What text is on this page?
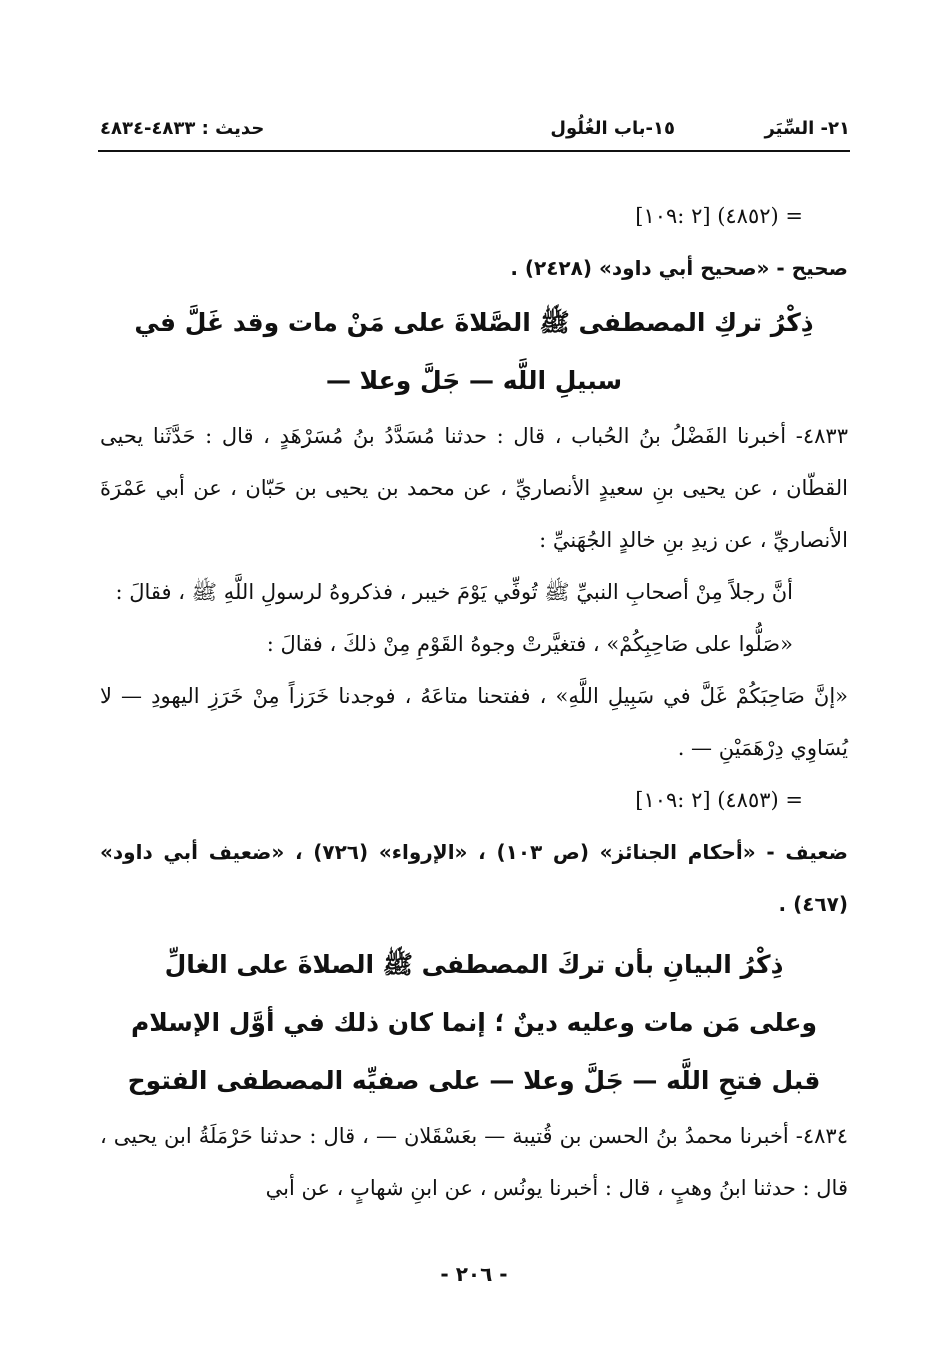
٢١- السِّيَر
١٥-باب الغُلُول
حديث : ٤٨٣٣-٤٨٣٤
= (٤٨٥٢) [٢ :١٠٩]
صحيح - «صحيح أبي داود» (٢٤٢٨) .
ذِكْرُ تركِ المصطفى ﷺ الصَّلاةَ على مَنْ مات وقد غَلَّ في
سبيلِ اللَّه — جَلَّ وعلا —
٤٨٣٣- أخبرنا الفَضْلُ بنُ الحُباب ، قال : حدثنا مُسَدَّدُ بنُ مُسَرْهَدٍ ، قال : حَدَّثَنا يحيى القطّان ، عن يحيى بنِ سعيدٍ الأنصاريِّ ، عن محمد بن يحيى بن حَبّان ، عن أبي عَمْرَةَ الأنصاريِّ ، عن زيدِ بنِ خالدٍ الجُهَنيِّ :
أنَّ رجلاً مِنْ أصحابِ النبيِّ ﷺ تُوفِّي يَوْمَ خيبر ، فذكروهُ لرسولِ اللَّهِ ﷺ ، فقالَ :
«صَلُّوا على صَاحِبِكُمْ» ، فتغيَّرتْ وجوهُ القَوْمِ مِنْ ذلكَ ، فقالَ :
«إنَّ صَاحِبَكُمْ غَلَّ في سَبِيلِ اللَّهِ» ، ففتحنا متاعَهُ ، فوجدنا خَرَزاً مِنْ خَرَزِ اليهودِ — لا يُسَاوِي دِرْهَمَيْنِ — .
= (٤٨٥٣) [٢ :١٠٩]
ضعيف - «أحكام الجنائز» (ص ١٠٣) ، «الإرواء» (٧٢٦) ، «ضعيف أبي داود» (٤٦٧) .
ذِكْرُ البيانِ بأن تركَ المصطفى ﷺ الصلاةَ على الغالِّ
وعلى مَن مات وعليه دينٌ ؛ إنما كان ذلك في أوَّل الإسلام
قبل فتحِ اللَّه — جَلَّ وعلا — على صفيِّه المصطفى الفتوح
٤٨٣٤- أخبرنا محمدُ بنُ الحسن بن قُتيبة — بعَسْقَلان — ، قال : حدثنا حَرْمَلَةُ ابن يحيى ، قال : حدثنا ابنُ وهبٍ ، قال : أخبرنا يونُس ، عن ابنِ شهابٍ ، عن أبي
- ٢٠٦ -
